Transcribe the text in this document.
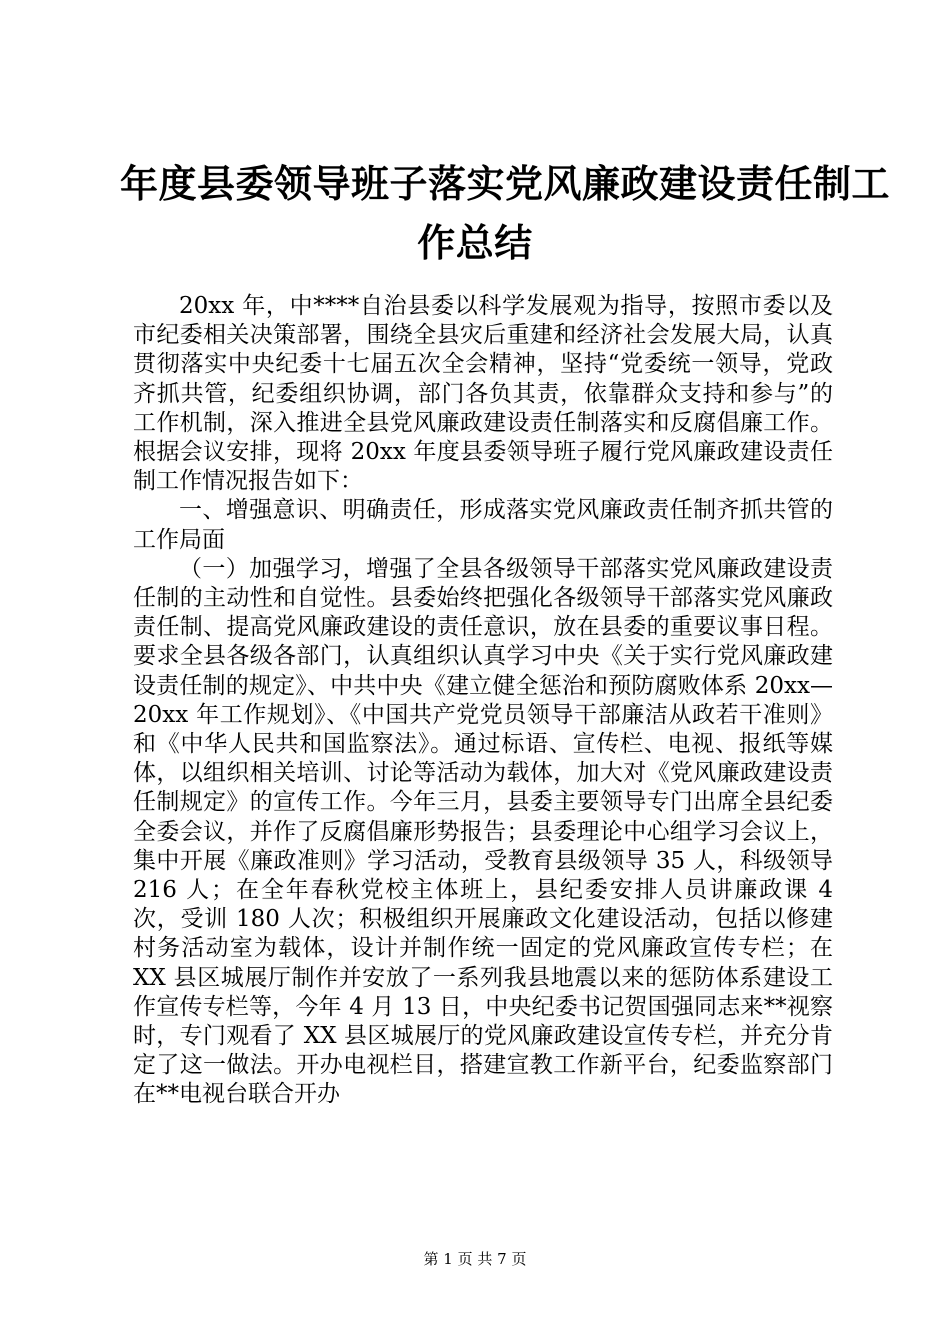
年度县委领导班子落实党风廉政建设责任制工
作总结

20xx 年，中****自治县委以科学发展观为指导，按照市委以及市纪委相关决策部署，围绕全县灾后重建和经济社会发展大局，认真贯彻落实中央纪委十七届五次全会精神，坚持“党委统一领导，党政齐抓共管，纪委组织协调，部门各负其责，依靠群众支持和参与”的工作机制，深入推进全县党风廉政建设责任制落实和反腐倡廉工作。根据会议安排，现将 20xx 年度县委领导班子履行党风廉政建设责任制工作情况报告如下：

一、增强意识、明确责任，形成落实党风廉政责任制齐抓共管的工作局面

（一）加强学习，增强了全县各级领导干部落实党风廉政建设责任制的主动性和自觉性。县委始终把强化各级领导干部落实党风廉政责任制、提高党风廉政建设的责任意识，放在县委的重要议事日程。要求全县各级各部门，认真组织认真学习中央《关于实行党风廉政建设责任制的规定》、中共中央《建立健全惩治和预防腐败体系 20xx—20xx 年工作规划》、《中国共产党党员领导干部廉洁从政若干准则》和《中华人民共和国监察法》。通过标语、宣传栏、电视、报纸等媒体，以组织相关培训、讨论等活动为载体，加大对《党风廉政建设责任制规定》的宣传工作。今年三月，县委主要领导专门出席全县纪委全委会议，并作了反腐倡廉形势报告；县委理论中心组学习会议上，集中开展《廉政准则》学习活动，受教育县级领导 35 人，科级领导 216 人；在全年春秋党校主体班上，县纪委安排人员讲廉政课 4 次，受训 180 人次；积极组织开展廉政文化建设活动，包括以修建村务活动室为载体，设计并制作统一固定的党风廉政宣传专栏；在 XX 县区城展厅制作并安放了一系列我县地震以来的惩防体系建设工作宣传专栏等，今年 4 月 13 日，中央纪委书记贺国强同志来**视察时，专门观看了 XX 县区城展厅的党风廉政建设宣传专栏，并充分肯定了这一做法。开办电视栏目，搭建宣教工作新平台，纪委监察部门在**电视台联合开办

第 1 页 共 7 页
